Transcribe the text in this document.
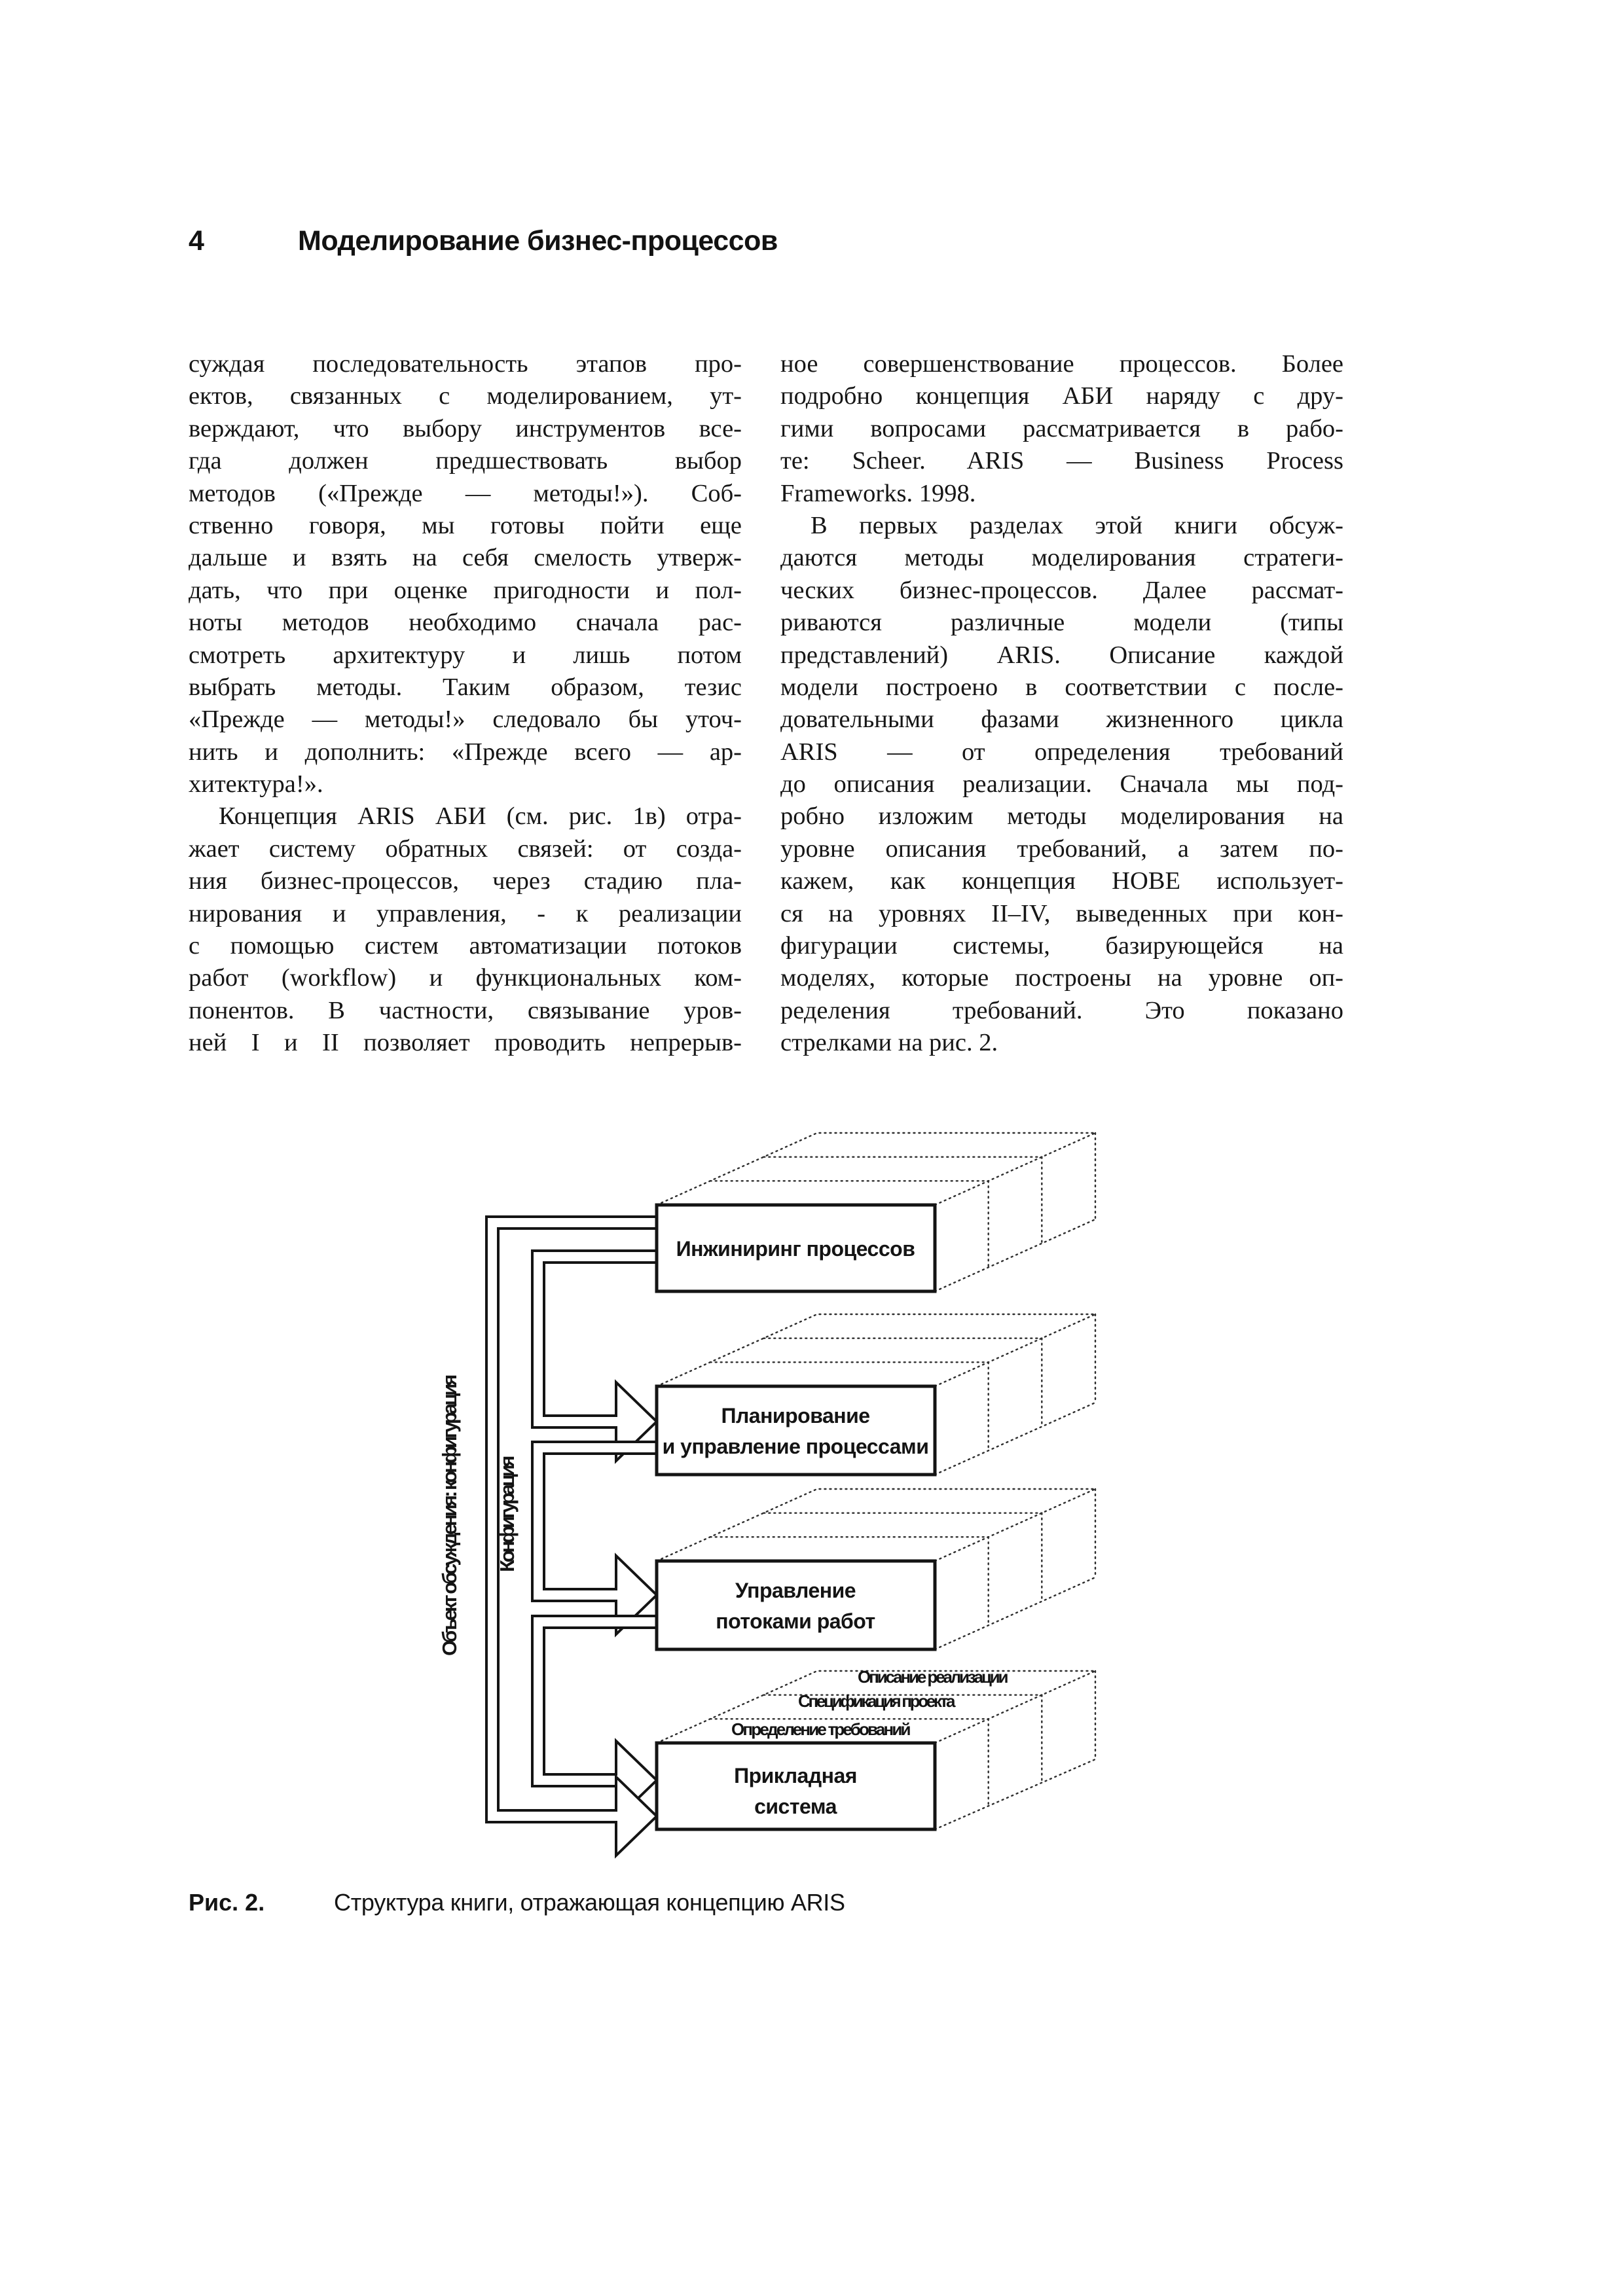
4	Моделирование бизнес-процессов
суждая последовательность этапов про-
ектов, связанных с моделированием, ут-
верждают, что выбору инструментов все-
гда должен предшествовать выбор
методов («Прежде — методы!»). Соб-
ственно говоря, мы готовы пойти еще
дальше и взять на себя смелость утверж-
дать, что при оценке пригодности и пол-
ноты методов необходимо сначала рас-
смотреть архитектуру и лишь потом
выбрать методы. Таким образом, тезис
«Прежде — методы!» следовало бы уточ-
нить и дополнить: «Прежде всего — ар-
хитектура!».
Концепция ARIS АБИ (см. рис. 1в) отра-
жает систему обратных связей: от созда-
ния бизнес-процессов, через стадию пла-
нирования и управления, - к реализации
с помощью систем автоматизации потоков
работ (workflow) и функциональных ком-
понентов. В частности, связывание уров-
ней I и II позволяет проводить непрерыв-
ное совершенствование процессов. Более
подробно концепция АБИ наряду с дру-
гими вопросами рассматривается в рабо-
те: Scheer. ARIS — Business Process
Frameworks. 1998.
В первых разделах этой книги обсуж-
даются методы моделирования стратеги-
ческих бизнес-процессов. Далее рассмат-
риваются различные модели (типы
представлений) ARIS. Описание каждой
модели построено в соответствии с после-
довательными фазами жизненного цикла
ARIS — от определения требований
до описания реализации. Сначала мы под-
робно изложим методы моделирования на
уровне описания требований, а затем по-
кажем, как концепция HOBE использует-
ся на уровнях II–IV, выведенных при кон-
фигурации системы, базирующейся на
моделях, которые построены на уровне оп-
ределения требований. Это показано
стрелками на рис. 2.
Описание реализации
Спецификация проекта
Определение требований
Инжиниринг процессов
Планирование
и управление процессами
Управление
потоками работ
Прикладная
система
Объект обсуждения: конфигурация
Конфигурация
Рис. 2.	Структура книги, отражающая концепцию ARIS
